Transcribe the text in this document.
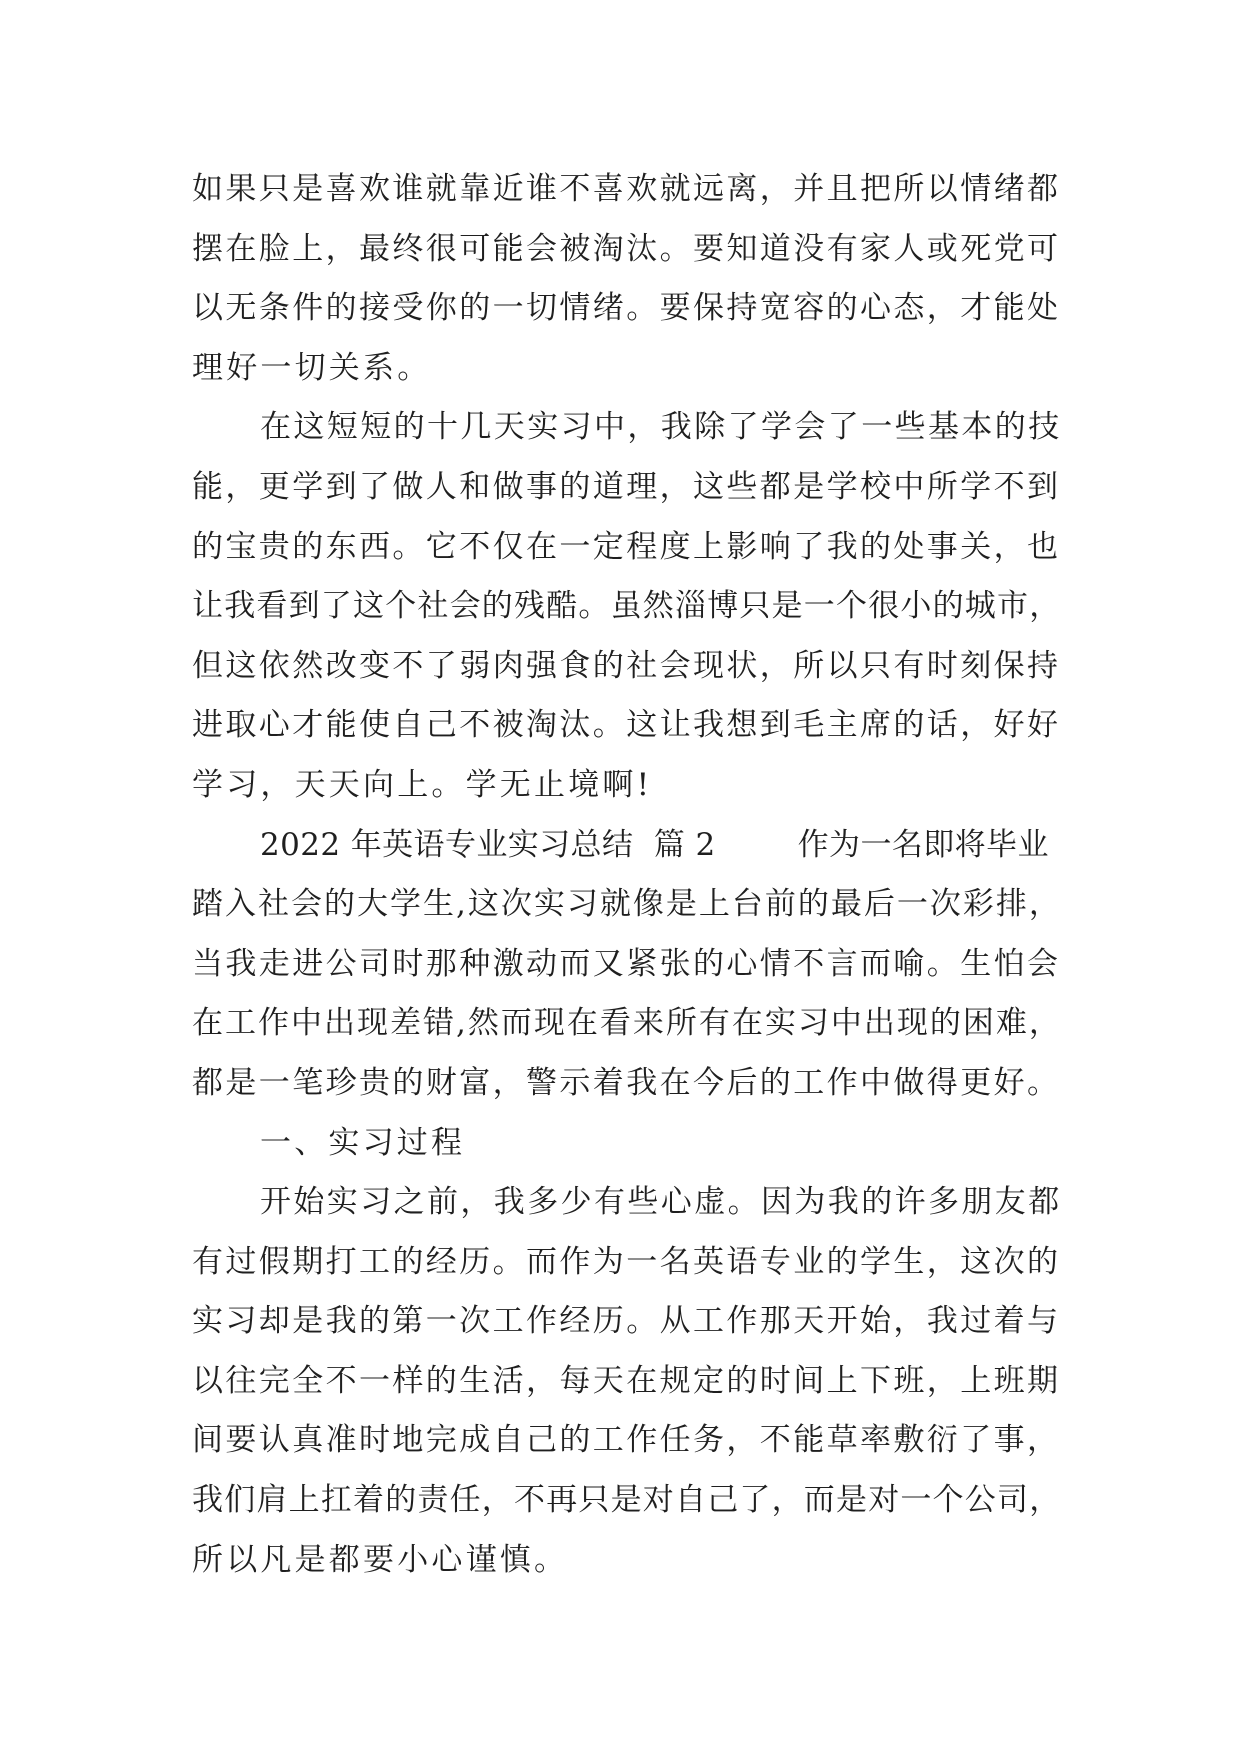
如果只是喜欢谁就靠近谁不喜欢就远离，并且把所以情绪都
摆在脸上，最终很可能会被淘汰。要知道没有家人或死党可
以无条件的接受你的一切情绪。要保持宽容的心态，才能处
理好一切关系。
在这短短的十几天实习中，我除了学会了一些基本的技
能，更学到了做人和做事的道理，这些都是学校中所学不到
的宝贵的东西。它不仅在一定程度上影响了我的处事关，也
让我看到了这个社会的残酷。虽然淄博只是一个很小的城市，
但这依然改变不了弱肉强食的社会现状，所以只有时刻保持
进取心才能使自己不被淘汰。这让我想到毛主席的话，好好
学习，天天向上。学无止境啊!
2022 年英语专业实习总结  篇 2        作为一名即将毕业
踏入社会的大学生,这次实习就像是上台前的最后一次彩排，
当我走进公司时那种激动而又紧张的心情不言而喻。生怕会
在工作中出现差错,然而现在看来所有在实习中出现的困难，
都是一笔珍贵的财富，警示着我在今后的工作中做得更好。
一、实习过程
开始实习之前，我多少有些心虚。因为我的许多朋友都
有过假期打工的经历。而作为一名英语专业的学生，这次的
实习却是我的第一次工作经历。从工作那天开始，我过着与
以往完全不一样的生活，每天在规定的时间上下班，上班期
间要认真准时地完成自己的工作任务，不能草率敷衍了事，
我们肩上扛着的责任，不再只是对自己了，而是对一个公司，
所以凡是都要小心谨慎。
